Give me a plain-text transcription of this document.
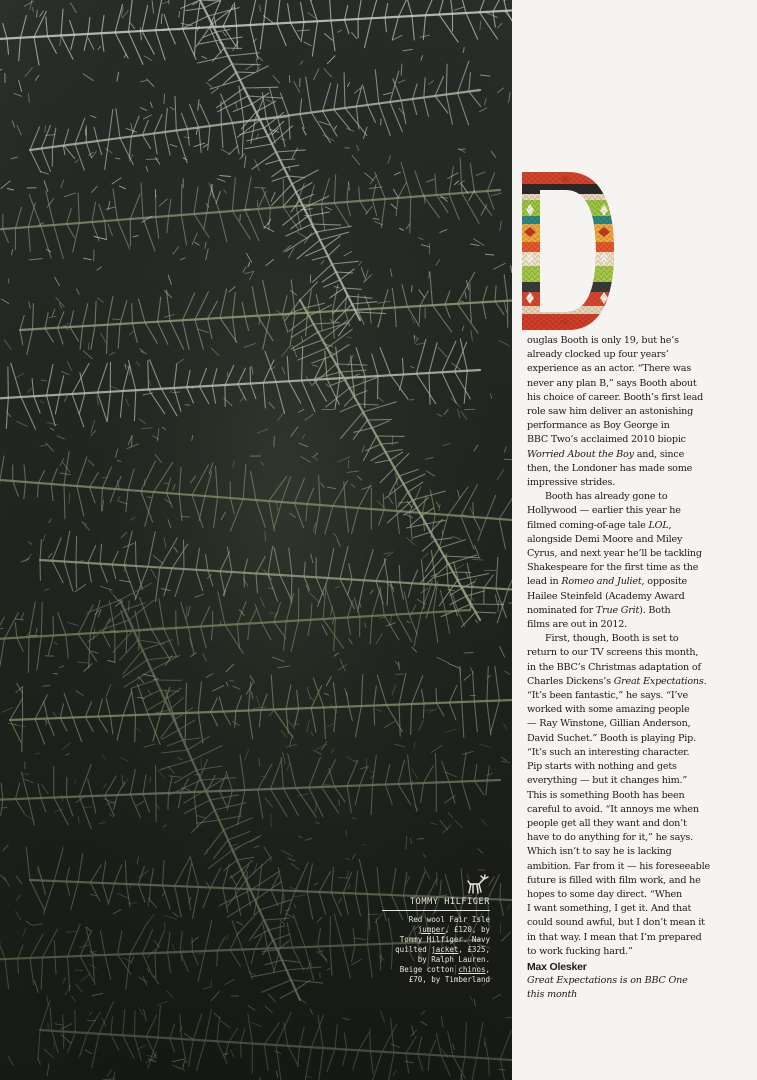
TOMMY HILFIGER
Red wool Fair Isle
jumper, £120, by
Tommy Hilfiger. Navy
quilted jacket, £325,
by Ralph Lauren.
Beige cotton chinos,
£70, by Timberland

ouglas Booth is only 19, but he’s
already clocked up four years’
experience as an actor. “There was
never any plan B,” says Booth about
his choice of career. Booth’s first lead
role saw him deliver an astonishing
performance as Boy George in
BBC Two’s acclaimed 2010 biopic
Worried About the Boy and, since
then, the Londoner has made some
impressive strides.

Booth has already gone to
Hollywood — earlier this year he
filmed coming-of-age tale LOL,
alongside Demi Moore and Miley
Cyrus, and next year he’ll be tackling
Shakespeare for the first time as the
lead in Romeo and Juliet, opposite
Hailee Steinfeld (Academy Award
nominated for True Grit). Both
films are out in 2012.

First, though, Booth is set to
return to our TV screens this month,
in the BBC’s Christmas adaptation of
Charles Dickens’s Great Expectations.
“It’s been fantastic,” he says. “I’ve
worked with some amazing people
— Ray Winstone, Gillian Anderson,
David Suchet.” Booth is playing Pip.
“It’s such an interesting character.
Pip starts with nothing and gets
everything — but it changes him.”
This is something Booth has been
careful to avoid. “It annoys me when
people get all they want and don’t
have to do anything for it,” he says.
Which isn’t to say he is lacking
ambition. Far from it — his foreseeable
future is filled with film work, and he
hopes to some day direct. “When
I want something, I get it. And that
could sound awful, but I don’t mean it
in that way. I mean that I’m prepared
to work fucking hard.”

Max Olesker

Great Expectations is on BBC One
this month
